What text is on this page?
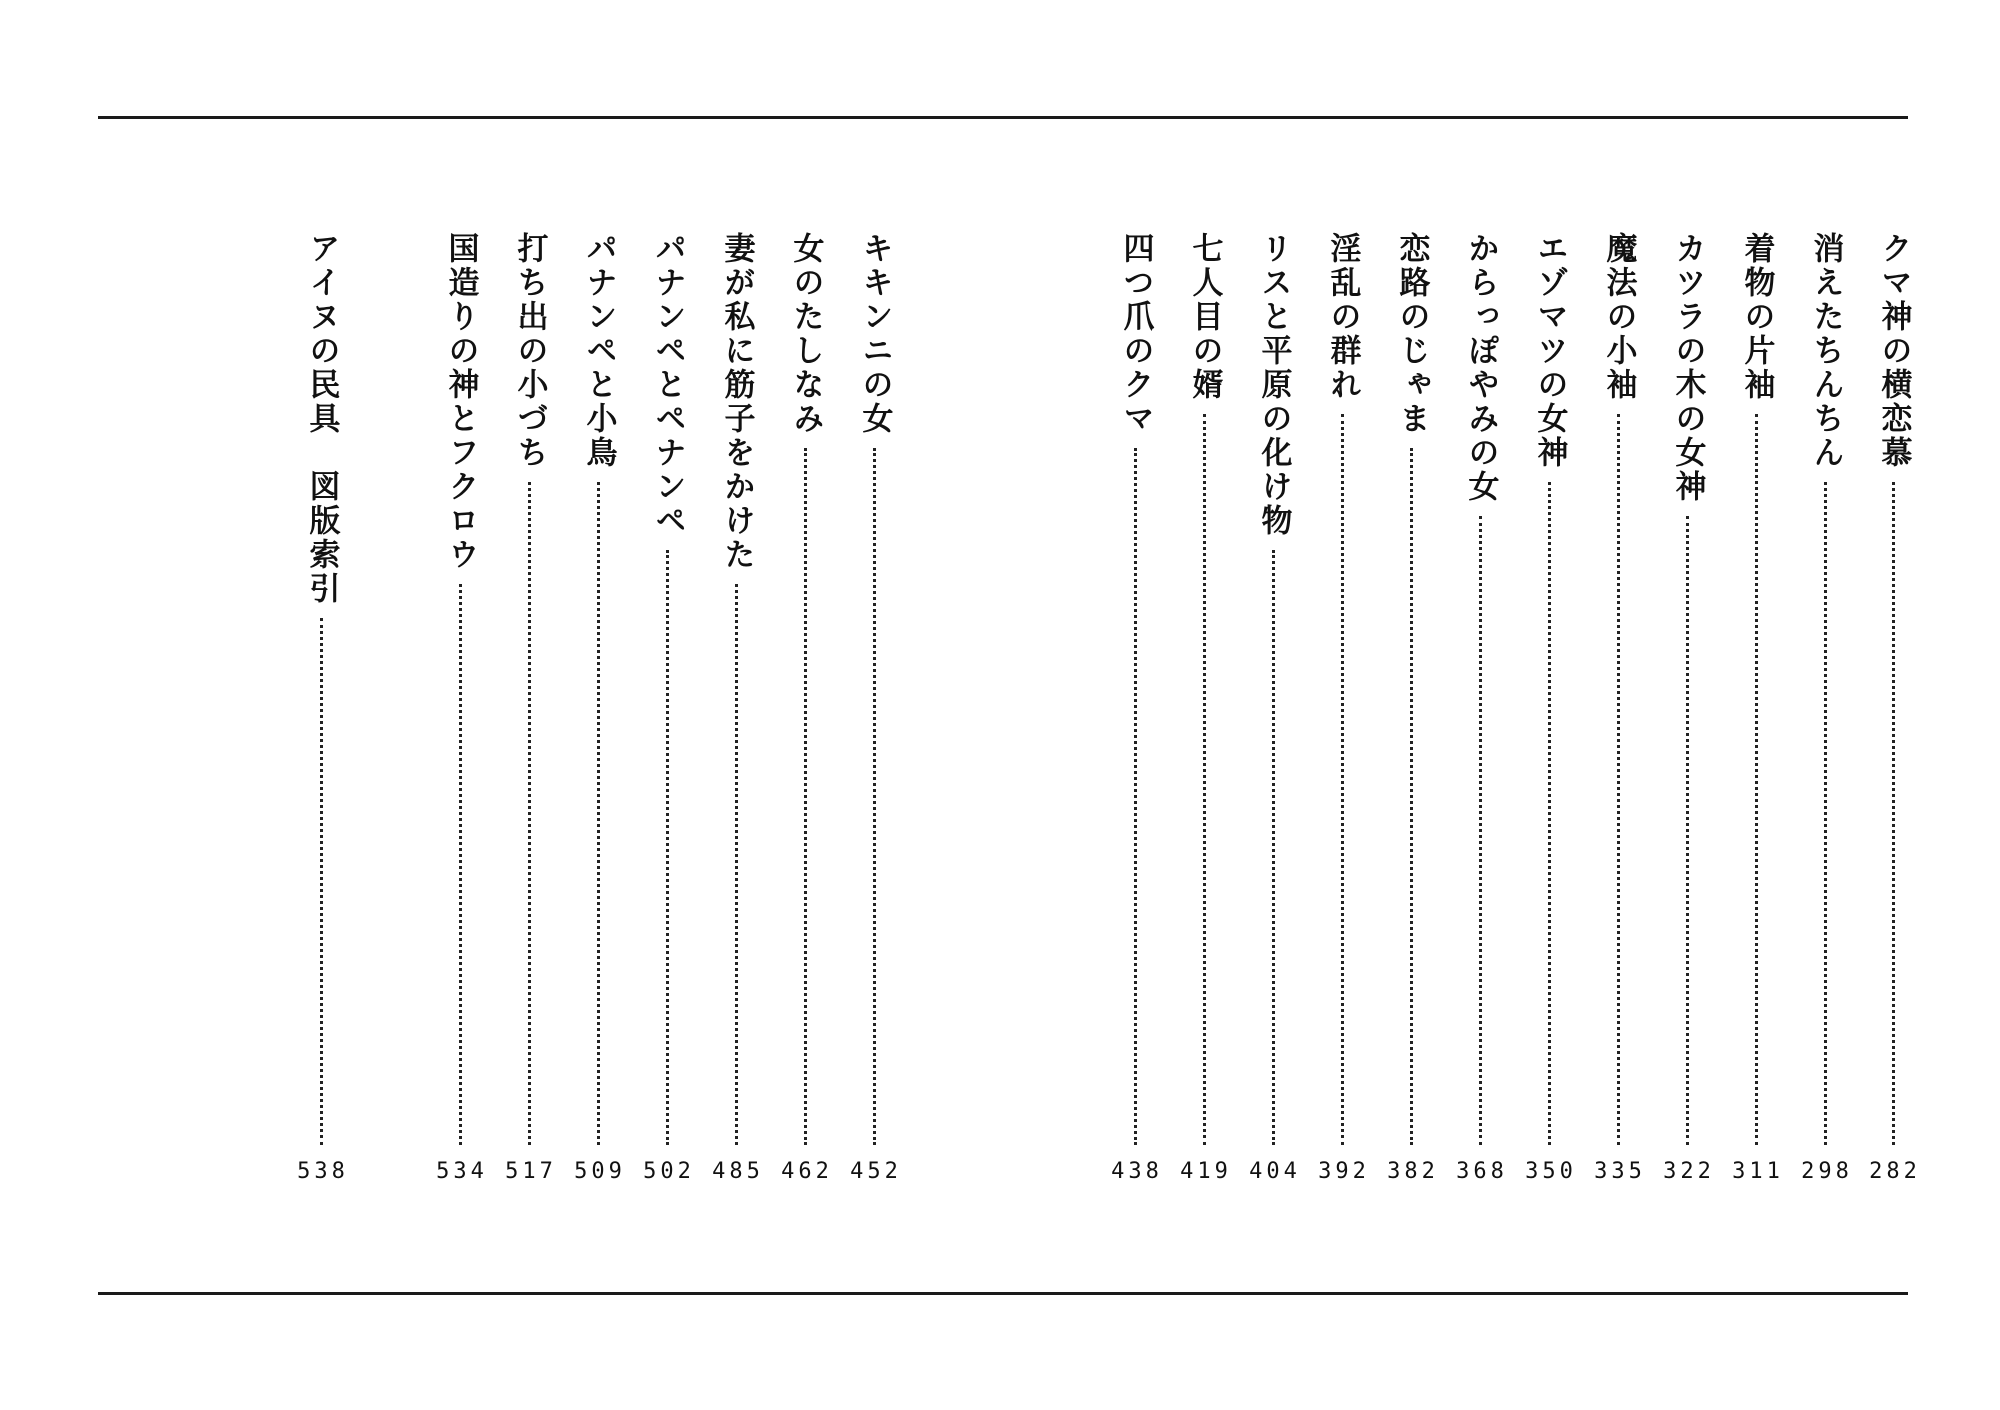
クマ神の横恋慕
282
消えたちんちん
298
着物の片袖
311
カツラの木の女神
322
魔法の小袖
335
エゾマツの女神
350
からっぽやみの女
368
恋路のじゃま
382
淫乱の群れ
392
リスと平原の化け物
404
七人目の婿
419
四つ爪のクマ
438
キキンニの女
452
女のたしなみ
462
妻が私に筋子をかけた
485
パナンペとペナンペ
502
パナンペと小鳥
509
打ち出の小づち
517
国造りの神とフクロウ
534
アイヌの民具　図版索引
538
